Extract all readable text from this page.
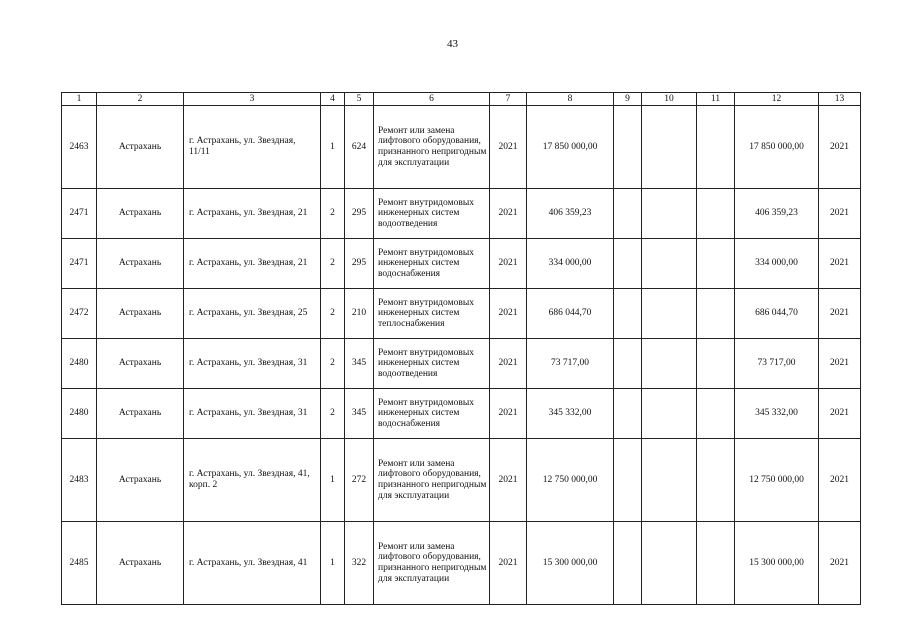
43
1	2	3	4	5	6	7	8	9	10	11	12	13
2463	Астрахань	г. Астрахань, ул. Звездная, 11/11	1	624	Ремонт или замена лифтового оборудования, признанного непригодным для эксплуатации	2021	17 850 000,00				17 850 000,00	2021
2471	Астрахань	г. Астрахань, ул. Звездная, 21	2	295	Ремонт внутридомовых инженерных систем водоотведения	2021	406 359,23				406 359,23	2021
2471	Астрахань	г. Астрахань, ул. Звездная, 21	2	295	Ремонт внутридомовых инженерных систем водоснабжения	2021	334 000,00				334 000,00	2021
2472	Астрахань	г. Астрахань, ул. Звездная, 25	2	210	Ремонт внутридомовых инженерных систем теплоснабжения	2021	686 044,70				686 044,70	2021
2480	Астрахань	г. Астрахань, ул. Звездная, 31	2	345	Ремонт внутридомовых инженерных систем водоотведения	2021	73 717,00				73 717,00	2021
2480	Астрахань	г. Астрахань, ул. Звездная, 31	2	345	Ремонт внутридомовых инженерных систем водоснабжения	2021	345 332,00				345 332,00	2021
2483	Астрахань	г. Астрахань, ул. Звездная, 41, корп. 2	1	272	Ремонт или замена лифтового оборудования, признанного непригодным для эксплуатации	2021	12 750 000,00				12 750 000,00	2021
2485	Астрахань	г. Астрахань, ул. Звездная, 41	1	322	Ремонт или замена лифтового оборудования, признанного непригодным для эксплуатации	2021	15 300 000,00				15 300 000,00	2021
